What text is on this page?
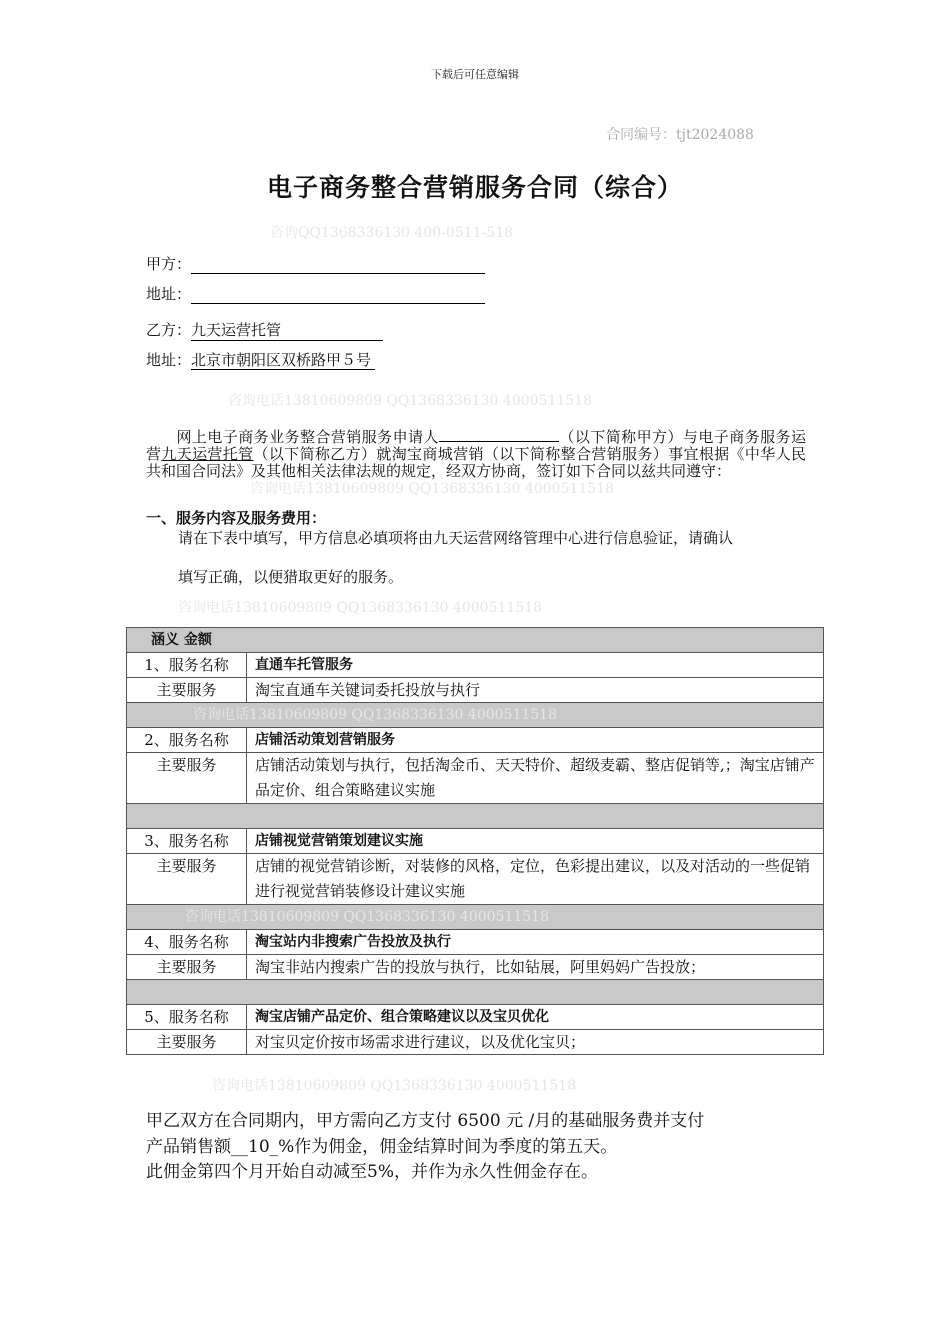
下载后可任意编辑
合同编号：tjt2024088
电子商务整合营销服务合同（综合）
咨询QQ1368336130 400-0511-518
咨询电话13810609809 QQ1368336130 4000511518
咨询电话13810609809 QQ1368336130 4000511518
咨询电话13810609809 QQ1368336130 4000511518
甲方：
地址：
乙方：九天运营托管
地址：北京市朝阳区双桥路甲５号
网上电子商务业务整合营销服务申请人	（以下简称甲方）与电子商务服务运营九天运营托管（以下简称乙方）就淘宝商城营销（以下简称整合营销服务）事宜根据《中华人民共和国合同法》及其他相关法律法规的规定，经双方协商，签订如下合同以兹共同遵守：
一、服务内容及服务费用：
请在下表中填写，甲方信息必填项将由九天运营网络管理中心进行信息验证，请确认
填写正确，以便猎取更好的服务。
涵义 金额	
1、服务名称	直通车托管服务
主要服务	淘宝直通车关键词委托投放与执行
咨询电话13810609809 QQ1368336130 4000511518	
2、服务名称	店铺活动策划营销服务
主要服务	店铺活动策划与执行，包括淘金币、天天特价、超级麦霸、整店促销等,；淘宝店铺产品定价、组合策略建议实施

3、服务名称	店铺视觉营销策划建议实施
主要服务	店铺的视觉营销诊断，对装修的风格，定位，色彩提出建议，以及对活动的一些促销进行视觉营销装修设计建议实施
咨询电话13810609809 QQ1368336130 4000511518	
4、服务名称	淘宝站内非搜索广告投放及执行
主要服务	淘宝非站内搜索广告的投放与执行，比如钻展，阿里妈妈广告投放；

5、服务名称	淘宝店铺产品定价、组合策略建议以及宝贝优化
主要服务	对宝贝定价按市场需求进行建议，以及优化宝贝；
咨询电话13810609809 QQ1368336130 4000511518
甲乙双方在合同期内，甲方需向乙方支付 6500 元 /月的基础服务费并支付
产品销售额__10_%作为佣金，佣金结算时间为季度的第五天。
此佣金第四个月开始自动减至5%，并作为永久性佣金存在。
